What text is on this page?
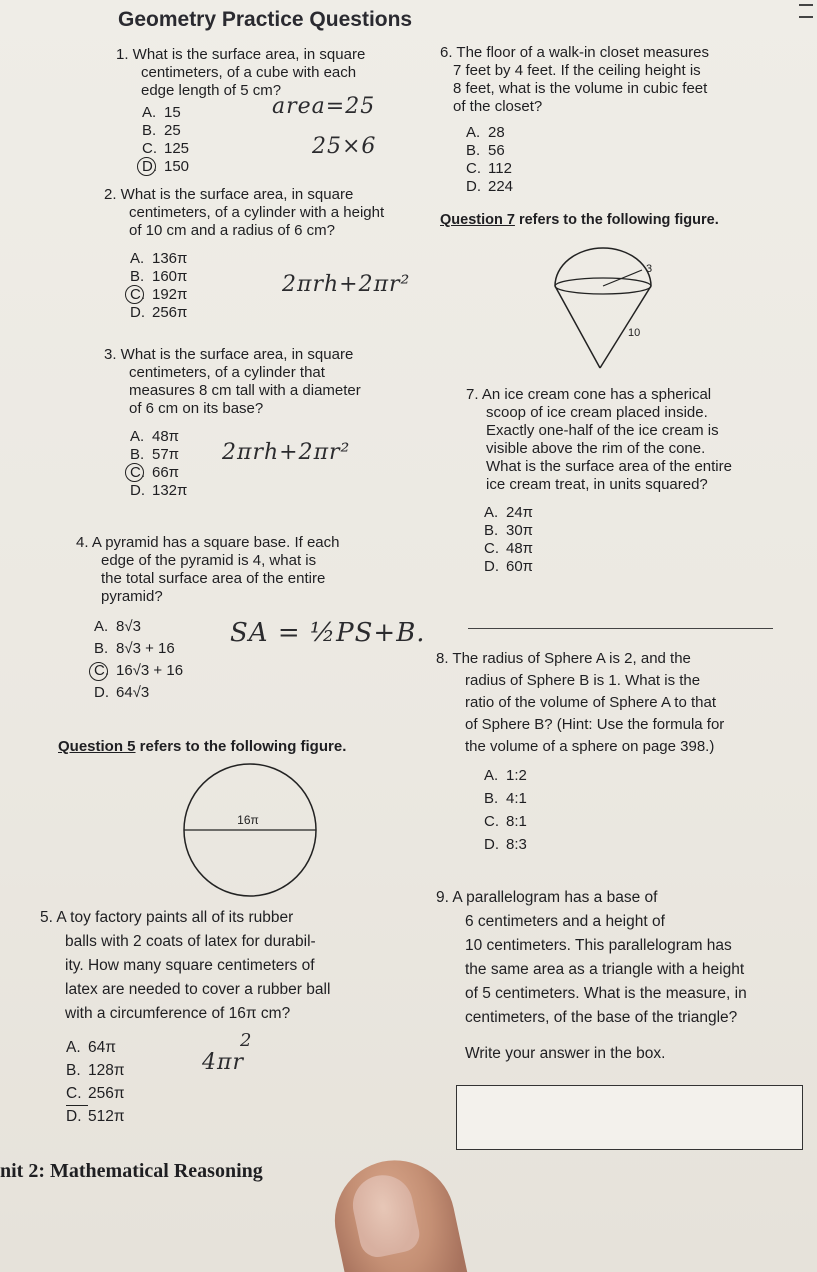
Geometry Practice Questions
1. What is the surface area, in square
centimeters, of a cube with each
edge length of 5 cm?
A. 15
B. 25
C. 125
D. 150
area=25
25×6
2. What is the surface area, in square
centimeters, of a cylinder with a height
of 10 cm and a radius of 6 cm?
A. 136π
B. 160π
C. 192π
D. 256π
2πrh+2πr²
3. What is the surface area, in square
centimeters, of a cylinder that
measures 8 cm tall with a diameter
of 6 cm on its base?
A. 48π
B. 57π
C. 66π
D. 132π
2πrh+2πr²
4. A pyramid has a square base. If each
edge of the pyramid is 4, what is
the total surface area of the entire
pyramid?
A. 8√3
B. 8√3 + 16
C. 16√3 + 16
D. 64√3
SA = ½PS+B.
Question 5 refers to the following figure.
16π
5. A toy factory paints all of its rubber
balls with 2 coats of latex for durabil-
ity. How many square centimeters of
latex are needed to cover a rubber ball
with a circumference of 16π cm?
A. 64π
B. 128π
C. 256π
D. 512π
2
4πr
6. The floor of a walk-in closet measures
7 feet by 4 feet. If the ceiling height is
8 feet, what is the volume in cubic feet
of the closet?
A. 28
B. 56
C. 112
D. 224
Question 7 refers to the following figure.
3
10
7. An ice cream cone has a spherical
scoop of ice cream placed inside.
Exactly one-half of the ice cream is
visible above the rim of the cone.
What is the surface area of the entire
ice cream treat, in units squared?
A. 24π
B. 30π
C. 48π
D. 60π
8. The radius of Sphere A is 2, and the
radius of Sphere B is 1. What is the
ratio of the volume of Sphere A to that
of Sphere B? (Hint: Use the formula for
the volume of a sphere on page 398.)
A. 1:2
B. 4:1
C. 8:1
D. 8:3
9. A parallelogram has a base of
6 centimeters and a height of
10 centimeters. This parallelogram has
the same area as a triangle with a height
of 5 centimeters. What is the measure, in
centimeters, of the base of the triangle?
Write your answer in the box.
nit 2: Mathematical Reasoning
